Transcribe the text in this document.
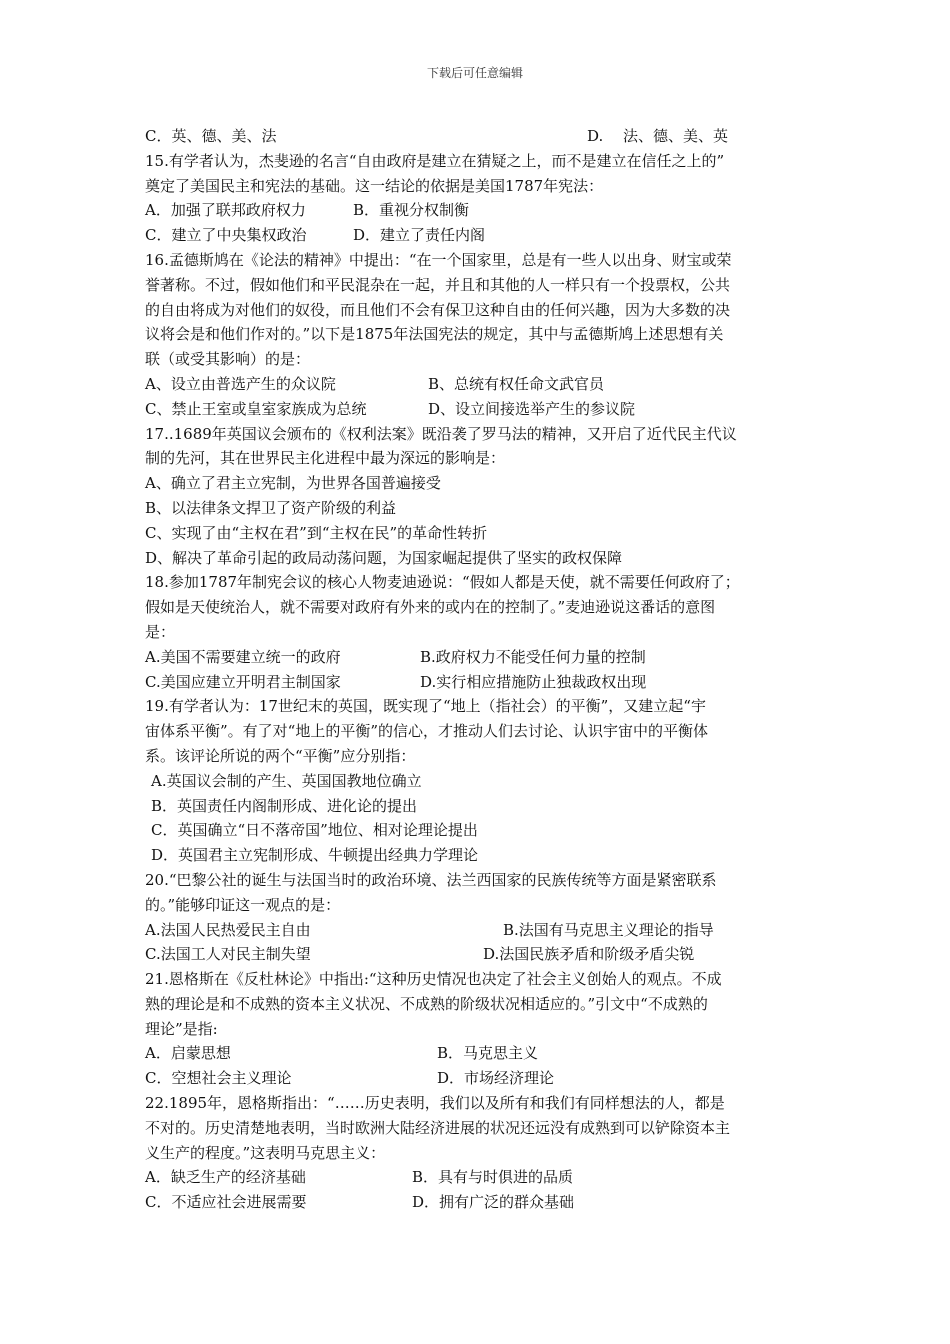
下载后可任意编辑
C．英、德、美、法	D.　 法、德、美、英
15.有学者认为，杰斐逊的名言“自由政府是建立在猜疑之上，而不是建立在信任之上的”
奠定了美国民主和宪法的基础。这一结论的依据是美国1787年宪法：
A．加强了联邦政府权力	B．重视分权制衡
C．建立了中央集权政治	D．建立了责任内阁
16.孟德斯鸠在《论法的精神》中提出：“在一个国家里，总是有一些人以出身、财宝或荣
誉著称。不过，假如他们和平民混杂在一起，并且和其他的人一样只有一个投票权，公共
的自由将成为对他们的奴役，而且他们不会有保卫这种自由的任何兴趣，因为大多数的决
议将会是和他们作对的。”以下是1875年法国宪法的规定，其中与孟德斯鸠上述思想有关
联（或受其影响）的是：
A、设立由普选产生的众议院	B、总统有权任命文武官员
C、禁止王室或皇室家族成为总统	D、设立间接选举产生的参议院
17..1689年英国议会颁布的《权利法案》既沿袭了罗马法的精神，又开启了近代民主代议
制的先河，其在世界民主化进程中最为深远的影响是：
A、确立了君主立宪制，为世界各国普遍接受
B、以法律条文捍卫了资产阶级的利益
C、实现了由“主权在君”到“主权在民”的革命性转折
D、解决了革命引起的政局动荡问题，为国家崛起提供了坚实的政权保障
18.参加1787年制宪会议的核心人物麦迪逊说：“假如人都是天使，就不需要任何政府了；
假如是天使统治人，就不需要对政府有外来的或内在的控制了。”麦迪逊说这番话的意图
是：
A.美国不需要建立统一的政府	B.政府权力不能受任何力量的控制
C.美国应建立开明君主制国家	D.实行相应措施防止独裁政权出现
19.有学者认为：17世纪末的英国，既实现了“地上（指社会）的平衡”，又建立起“宇
宙体系平衡”。有了对“地上的平衡”的信心，才推动人们去讨论、认识宇宙中的平衡体
系。该评论所说的两个“平衡”应分别指：
A.英国议会制的产生、英国国教地位确立
B．英国责任内阁制形成、进化论的提出
C．英国确立“日不落帝国”地位、相对论理论提出
D．英国君主立宪制形成、牛顿提出经典力学理论
20.“巴黎公社的诞生与法国当时的政治环境、法兰西国家的民族传统等方面是紧密联系
的。”能够印证这一观点的是：
A.法国人民热爱民主自由	B.法国有马克思主义理论的指导
C.法国工人对民主制失望	D.法国民族矛盾和阶级矛盾尖锐
21.恩格斯在《反杜林论》中指出:“这种历史情况也决定了社会主义创始人的观点。不成
熟的理论是和不成熟的资本主义状况、不成熟的阶级状况相适应的。”引文中“不成熟的
理论”是指:
A．启蒙思想	B．马克思主义
C．空想社会主义理论	D．市场经济理论
22.1895年，恩格斯指出：“……历史表明，我们以及所有和我们有同样想法的人，都是
不对的。历史清楚地表明，当时欧洲大陆经济进展的状况还远没有成熟到可以铲除资本主
义生产的程度。”这表明马克思主义：
A．缺乏生产的经济基础	B．具有与时俱进的品质
C．不适应社会进展需要	D．拥有广泛的群众基础
